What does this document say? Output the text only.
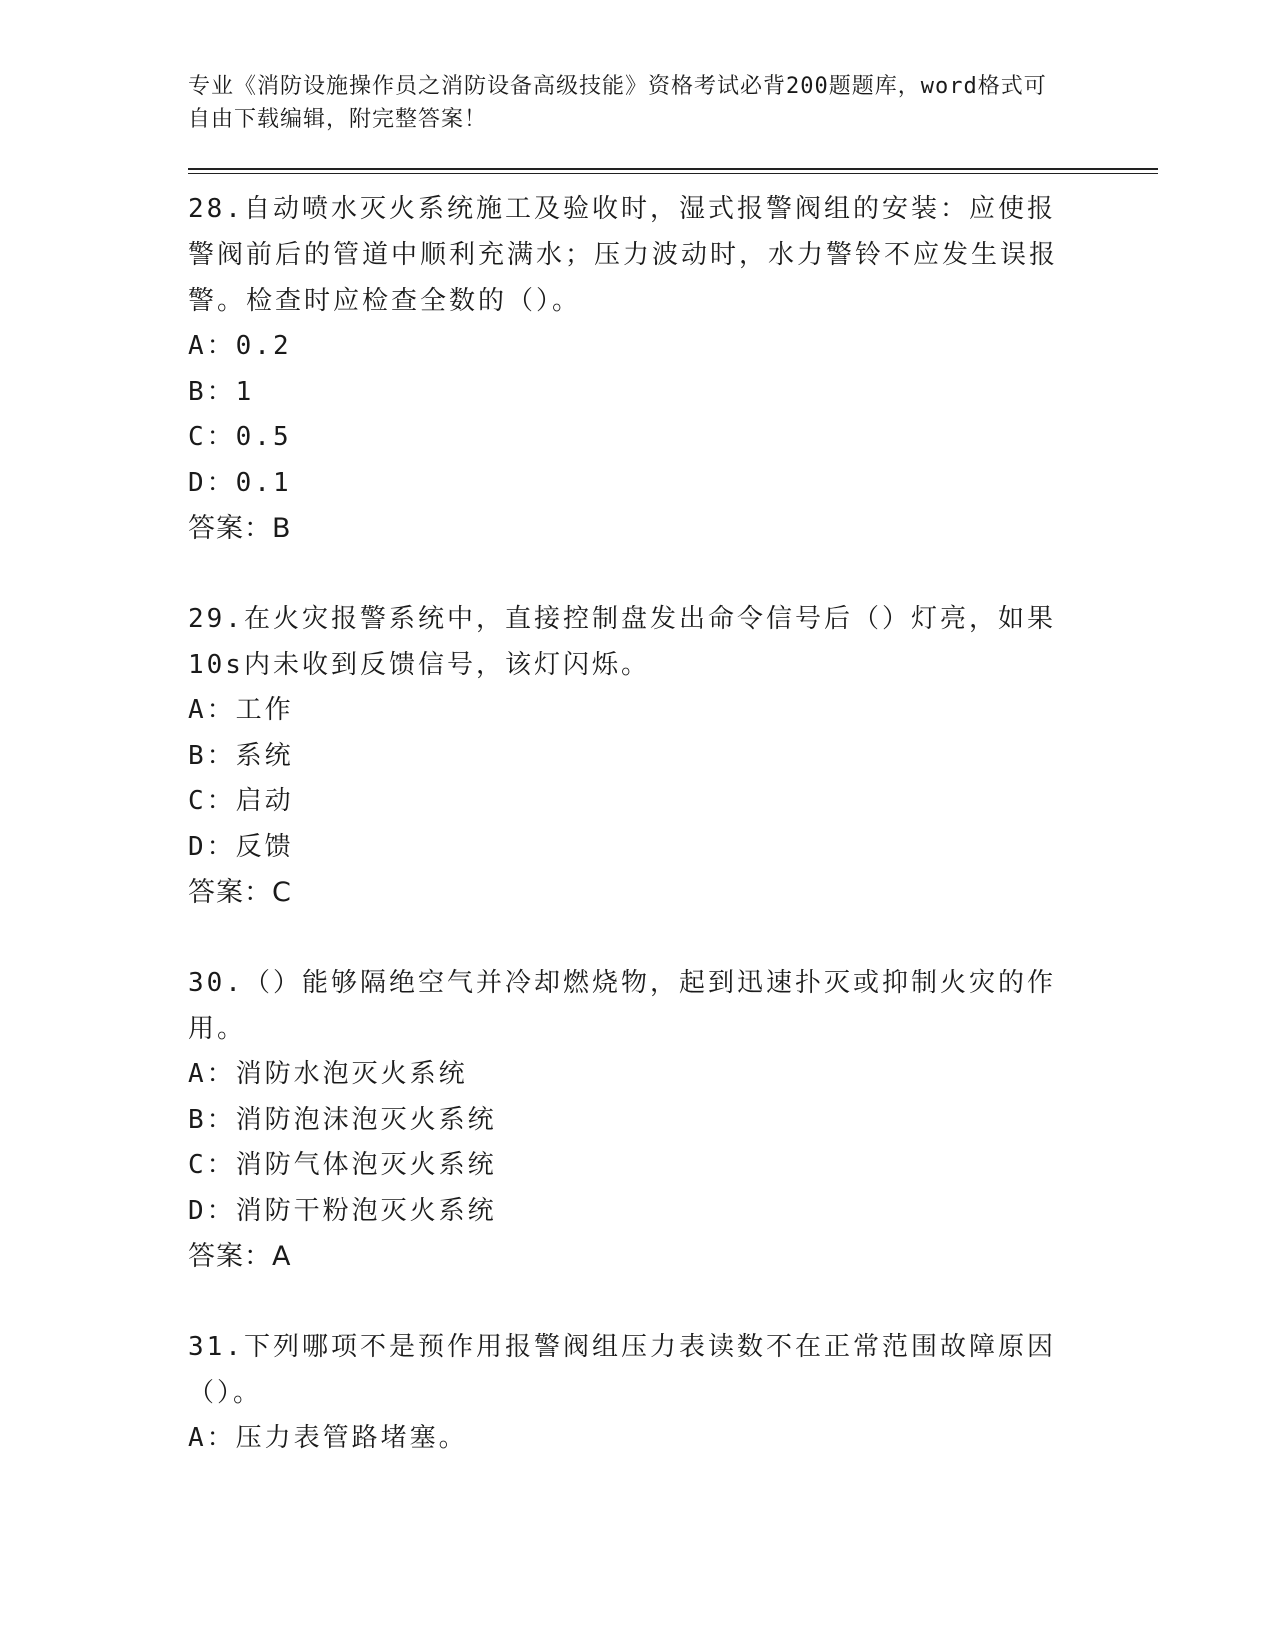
专业《消防设施操作员之消防设备高级技能》资格考试必背200题题库，word格式可自由下载编辑，附完整答案！
28.自动喷水灭火系统施工及验收时，湿式报警阀组的安装：应使报警阀前后的管道中顺利充满水；压力波动时，水力警铃不应发生误报警。检查时应检查全数的（）。
A：0.2
B：1
C：0.5
D：0.1
答案：B
29.在火灾报警系统中，直接控制盘发出命令信号后（）灯亮，如果10s内未收到反馈信号，该灯闪烁。
A：工作
B：系统
C：启动
D：反馈
答案：C
30.（）能够隔绝空气并冷却燃烧物，起到迅速扑灭或抑制火灾的作用。
A：消防水泡灭火系统
B：消防泡沫泡灭火系统
C：消防气体泡灭火系统
D：消防干粉泡灭火系统
答案：A
31.下列哪项不是预作用报警阀组压力表读数不在正常范围故障原因（）。
A：压力表管路堵塞。
